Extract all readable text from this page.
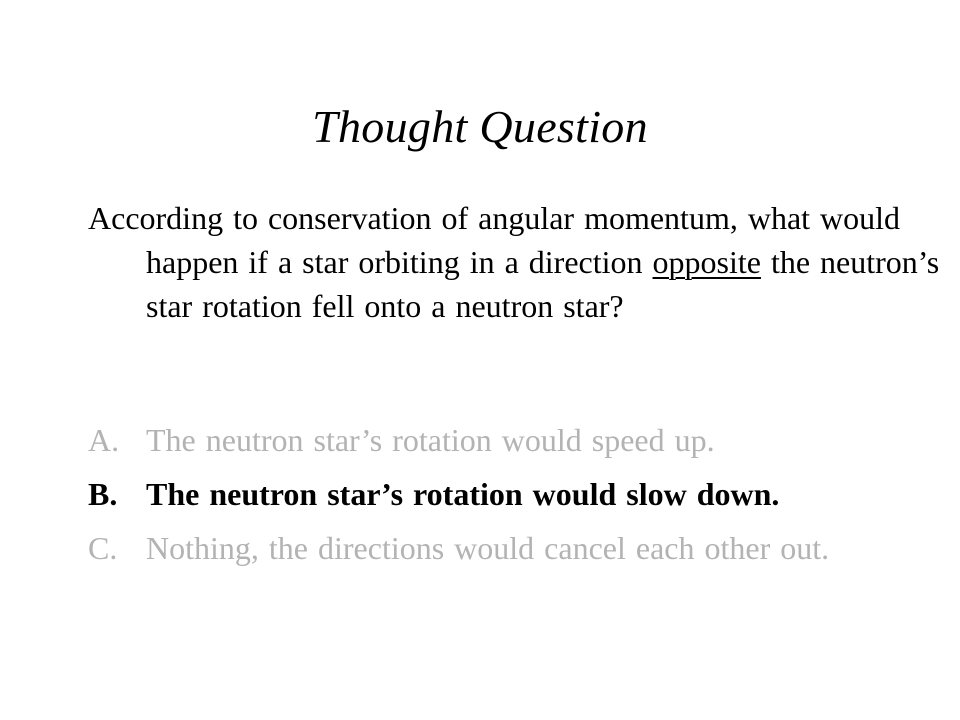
Thought Question
According to conservation of angular momentum, what would happen if a star orbiting in a direction opposite the neutron’s star rotation fell onto a neutron star?
A. The neutron star’s rotation would speed up.
B. The neutron star’s rotation would slow down.
C. Nothing, the directions would cancel each other out.
